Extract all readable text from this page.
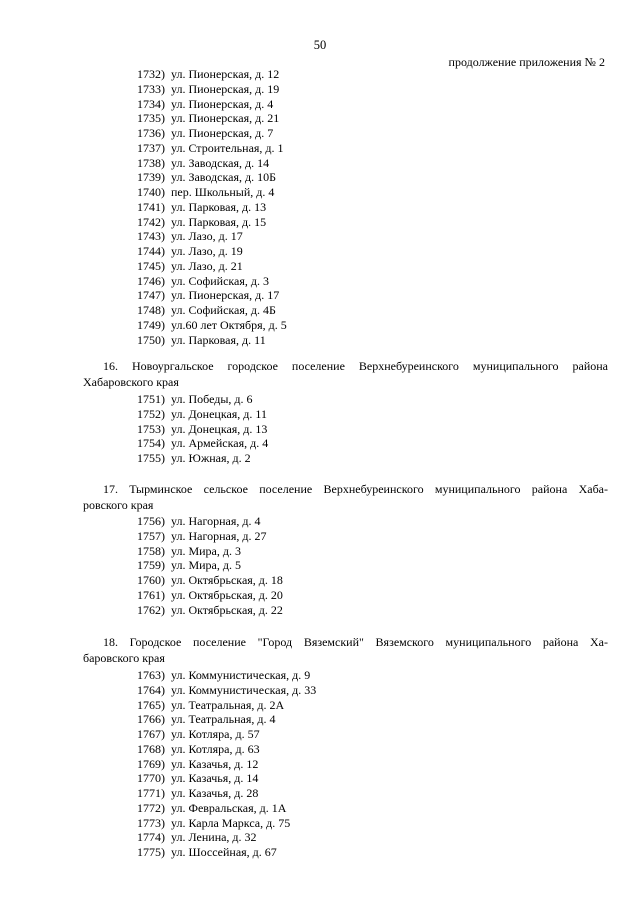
50
продолжение приложения № 2
1732) ул. Пионерская, д. 12
1733) ул. Пионерская, д. 19
1734) ул. Пионерская, д. 4
1735) ул. Пионерская, д. 21
1736) ул. Пионерская, д. 7
1737) ул. Строительная, д. 1
1738) ул. Заводская, д. 14
1739) ул. Заводская, д. 10Б
1740) пер. Школьный, д. 4
1741) ул. Парковая, д. 13
1742) ул. Парковая, д. 15
1743) ул. Лазо, д. 17
1744) ул. Лазо, д. 19
1745) ул. Лазо, д. 21
1746) ул. Софийская, д. 3
1747) ул. Пионерская, д. 17
1748) ул. Софийская, д. 4Б
1749) ул.60 лет Октября, д. 5
1750) ул. Парковая, д. 11
16. Новоургальское городское поселение Верхнебуреинского муниципального района
Хабаровского края
1751) ул. Победы, д. 6
1752) ул. Донецкая, д. 11
1753) ул. Донецкая, д. 13
1754) ул. Армейская, д. 4
1755) ул. Южная, д. 2
17. Тырминское сельское поселение Верхнебуреинского муниципального района Хаба-
ровского края
1756) ул. Нагорная, д. 4
1757) ул. Нагорная, д. 27
1758) ул. Мира, д. 3
1759) ул. Мира, д. 5
1760) ул. Октябрьская, д. 18
1761) ул. Октябрьская, д. 20
1762) ул. Октябрьская, д. 22
18. Городское поселение "Город Вяземский" Вяземского муниципального района Ха-
баровского края
1763) ул. Коммунистическая, д. 9
1764) ул. Коммунистическая, д. 33
1765) ул. Театральная, д. 2А
1766) ул. Театральная, д. 4
1767) ул. Котляра, д. 57
1768) ул. Котляра, д. 63
1769) ул. Казачья, д. 12
1770) ул. Казачья, д. 14
1771) ул. Казачья, д. 28
1772) ул. Февральская, д. 1А
1773) ул. Карла Маркса, д. 75
1774) ул. Ленина, д. 32
1775) ул. Шоссейная, д. 67
